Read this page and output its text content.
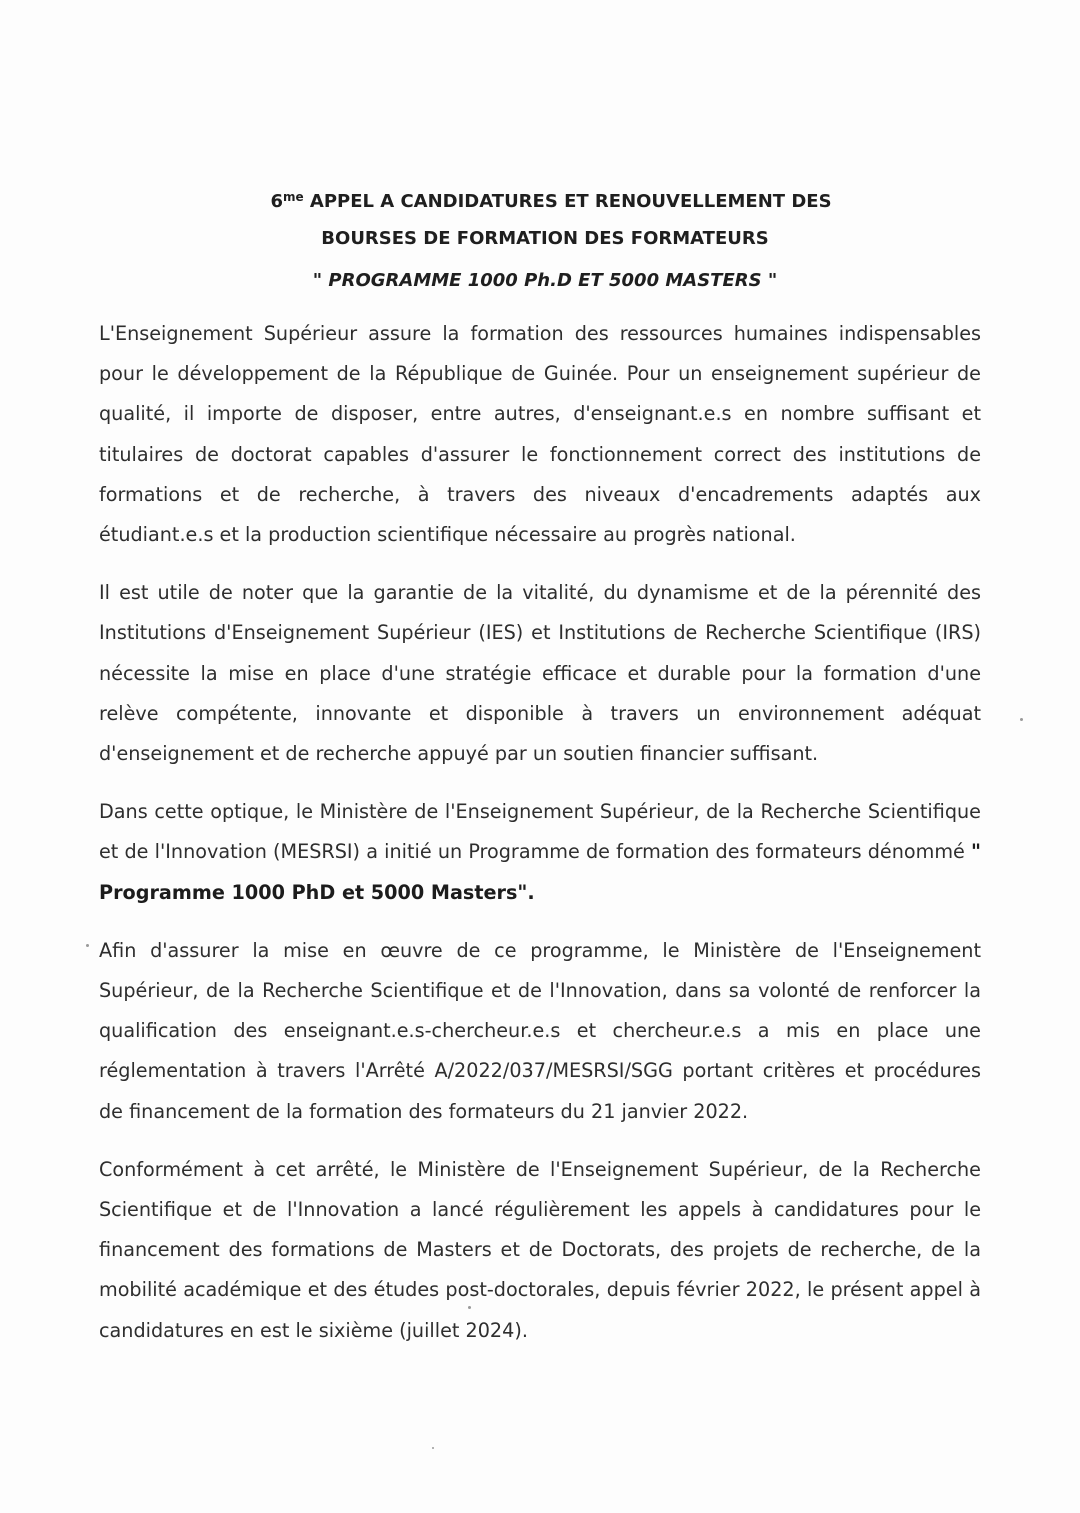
$6^{me}$ APPEL A CANDIDATURES ET RENOUVELLEMENT DES
BOURSES DE FORMATION DES FORMATEURS
" PROGRAMME 1000 Ph.D ET 5000 MASTERS "

L'Enseignement Supérieur assure la formation des ressources humaines indispensables pour le développement de la République de Guinée. Pour un enseignement supérieur de qualité, il importe de disposer, entre autres, d'enseignant.e.s en nombre suffisant et titulaires de doctorat capables d'assurer le fonctionnement correct des institutions de formations et de recherche, à travers des niveaux d'encadrements adaptés aux étudiant.e.s et la production scientifique nécessaire au progrès national.

Il est utile de noter que la garantie de la vitalité, du dynamisme et de la pérennité des Institutions d'Enseignement Supérieur (IES) et Institutions de Recherche Scientifique (IRS) nécessite la mise en place d'une stratégie efficace et durable pour la formation d'une relève compétente, innovante et disponible à travers un environnement adéquat d'enseignement et de recherche appuyé par un soutien financier suffisant.

Dans cette optique, le Ministère de l'Enseignement Supérieur, de la Recherche Scientifique et de l'Innovation (MESRSI) a initié un Programme de formation des formateurs dénommé " Programme 1000 PhD et 5000 Masters".

Afin d'assurer la mise en œuvre de ce programme, le Ministère de l'Enseignement Supérieur, de la Recherche Scientifique et de l'Innovation, dans sa volonté de renforcer la qualification des enseignant.e.s-chercheur.e.s et chercheur.e.s a mis en place une réglementation à travers l'Arrêté A/2022/037/MESRSI/SGG portant critères et procédures de financement de la formation des formateurs du 21 janvier 2022.

Conformément à cet arrêté, le Ministère de l'Enseignement Supérieur, de la Recherche Scientifique et de l'Innovation a lancé régulièrement les appels à candidatures pour le financement des formations de Masters et de Doctorats, des projets de recherche, de la mobilité académique et des études post-doctorales, depuis février 2022, le présent appel à candidatures en est le sixième (juillet 2024).
